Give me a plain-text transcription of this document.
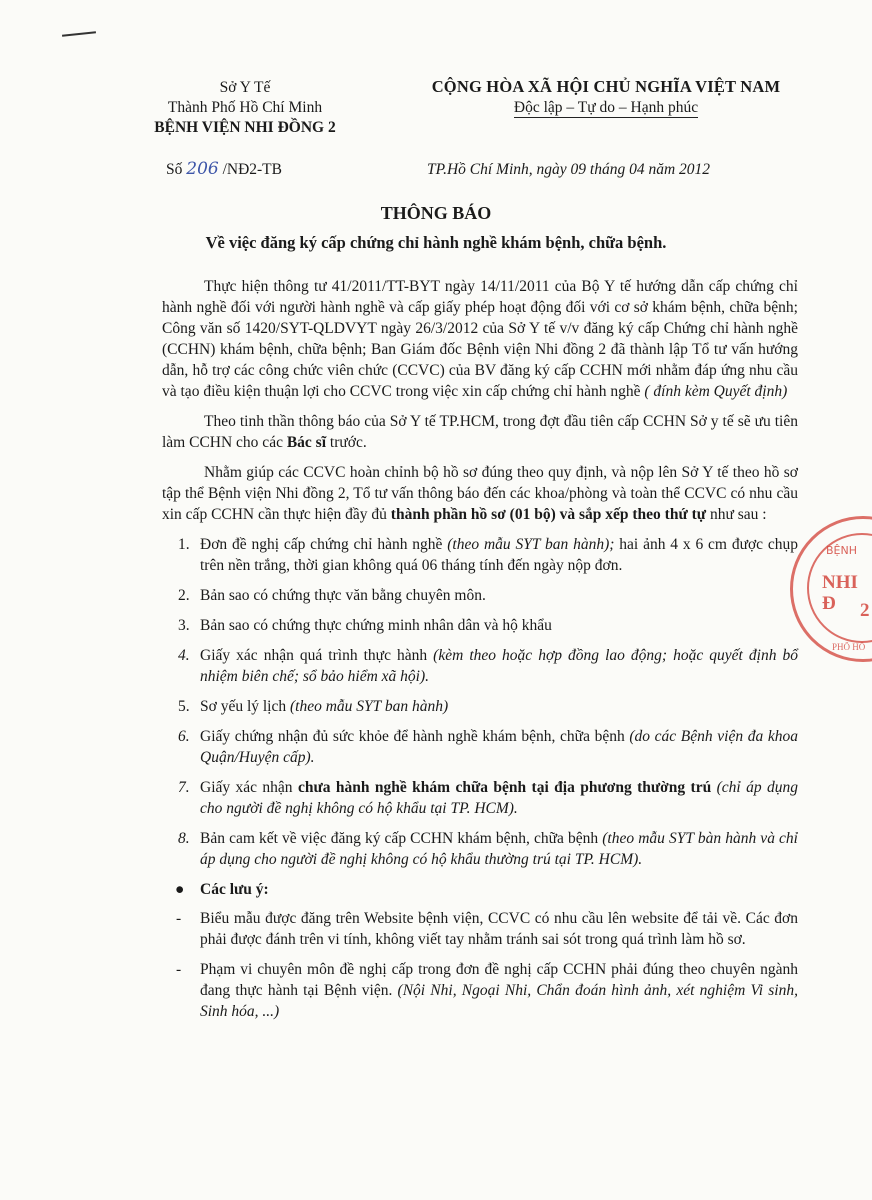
Sở Y Tế
Thành Phố Hồ Chí Minh
BỆNH VIỆN NHI ĐỒNG 2
CỘNG HÒA XÃ HỘI CHỦ NGHĨA VIỆT NAM
Độc lập – Tự do – Hạnh phúc
Số 206 /NĐ2-TB	TP.Hồ Chí Minh, ngày 09 tháng 04 năm 2012
THÔNG BÁO
Về việc đăng ký cấp chứng chỉ hành nghề khám bệnh, chữa bệnh.

Thực hiện thông tư 41/2011/TT-BYT ngày 14/11/2011 của Bộ Y tế hướng dẫn cấp chứng chỉ hành nghề đối với người hành nghề và cấp giấy phép hoạt động đối với cơ sở khám bệnh, chữa bệnh; Công văn số 1420/SYT-QLDVYT ngày 26/3/2012 của Sở Y tế v/v đăng ký cấp Chứng chỉ hành nghề (CCHN) khám bệnh, chữa bệnh; Ban Giám đốc Bệnh viện Nhi đồng 2 đã thành lập Tổ tư vấn hướng dẫn, hỗ trợ các công chức viên chức (CCVC) của BV đăng ký cấp CCHN mới nhằm đáp ứng nhu cầu và tạo điều kiện thuận lợi cho CCVC trong việc xin cấp chứng chỉ hành nghề ( đính kèm Quyết định)

Theo tinh thần thông báo của Sở Y tế TP.HCM, trong đợt đầu tiên cấp CCHN Sở y tế sẽ ưu tiên làm CCHN cho các Bác sĩ trước.

Nhằm giúp các CCVC hoàn chỉnh bộ hồ sơ đúng theo quy định, và nộp lên Sở Y tế theo hồ sơ tập thể Bệnh viện Nhi đồng 2, Tổ tư vấn thông báo đến các khoa/phòng và toàn thể CCVC có nhu cầu xin cấp CCHN cần thực hiện đầy đủ thành phần hồ sơ (01 bộ) và sắp xếp theo thứ tự như sau :

1. Đơn đề nghị cấp chứng chỉ hành nghề (theo mẫu SYT ban hành); hai ảnh 4 x 6 cm được chụp trên nền trắng, thời gian không quá 06 tháng tính đến ngày nộp đơn.
2. Bản sao có chứng thực văn bằng chuyên môn.
3. Bản sao có chứng thực chứng minh nhân dân và hộ khẩu
4. Giấy xác nhận quá trình thực hành (kèm theo hoặc hợp đồng lao động; hoặc quyết định bổ nhiệm biên chế; sổ bảo hiểm xã hội).
5. Sơ yếu lý lịch (theo mẫu SYT ban hành)
6. Giấy chứng nhận đủ sức khỏe để hành nghề khám bệnh, chữa bệnh (do các Bệnh viện đa khoa Quận/Huyện cấp).
7. Giấy xác nhận chưa hành nghề khám chữa bệnh tại địa phương thường trú (chỉ áp dụng cho người đề nghị không có hộ khẩu tại TP. HCM).
8. Bản cam kết về việc đăng ký cấp CCHN khám bệnh, chữa bệnh (theo mẫu SYT bàn hành và chỉ áp dụng cho người đề nghị không có hộ khẩu thường trú tại TP. HCM).
● Các lưu ý:
- Biểu mẫu được đăng trên Website bệnh viện, CCVC có nhu cầu lên website để tải về. Các đơn phải được đánh trên vi tính, không viết tay nhằm tránh sai sót trong quá trình làm hồ sơ.
- Phạm vi chuyên môn đề nghị cấp trong đơn đề nghị cấp CCHN phải đúng theo chuyên ngành đang thực hành tại Bệnh viện. (Nội Nhi, Ngoại Nhi, Chẩn đoán hình ảnh, xét nghiệm Vi sinh, Sinh hóa, ...)
BỆNH
NHI Đ	2
PHỐ HỒ
